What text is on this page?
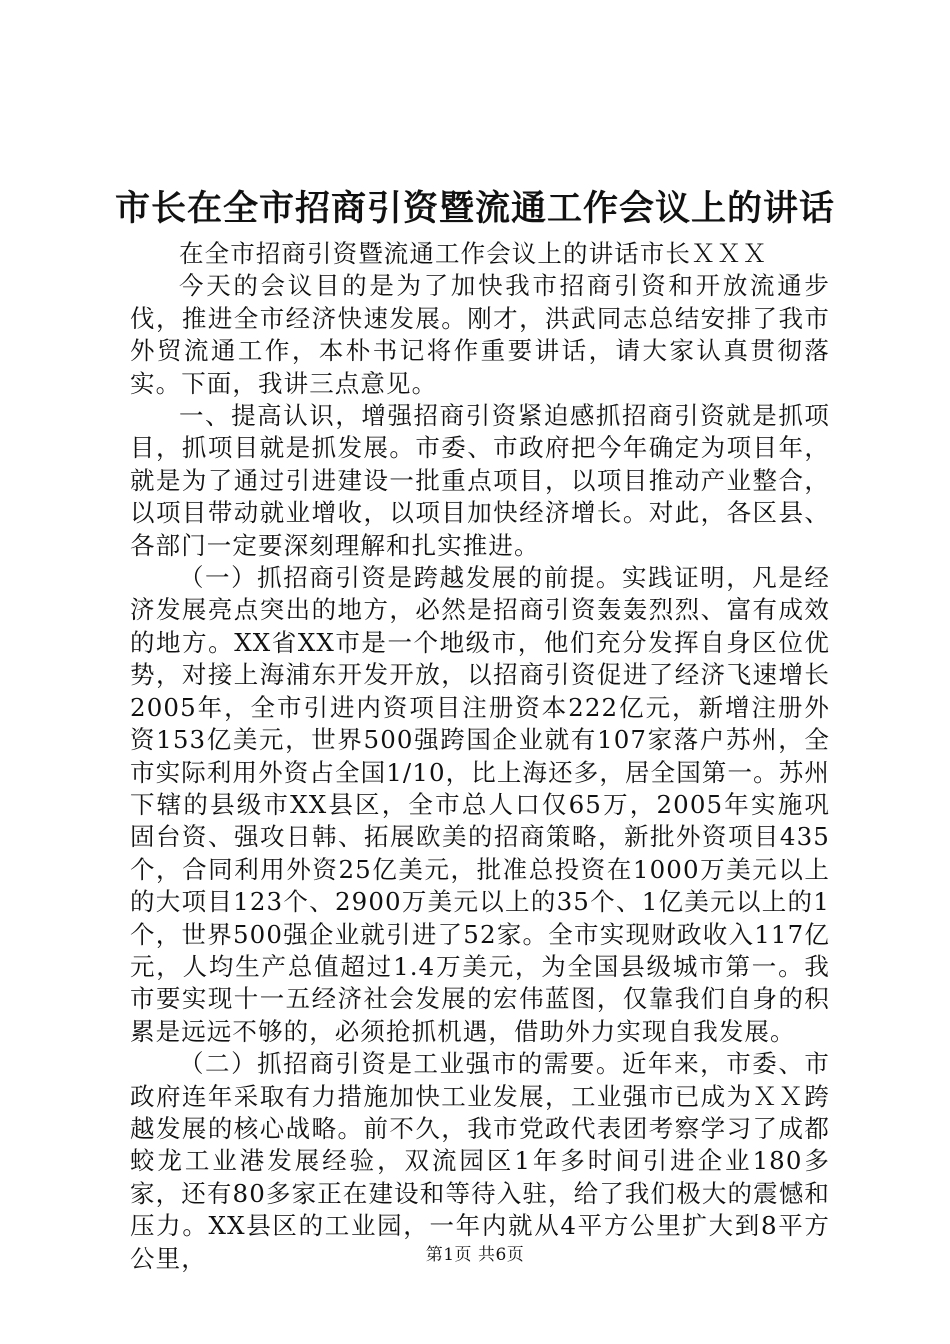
市长在全市招商引资暨流通工作会议上的讲话

在全市招商引资暨流通工作会议上的讲话市长ＸＸＸ

今天的会议目的是为了加快我市招商引资和开放流通步伐，推进全市经济快速发展。刚才，洪武同志总结安排了我市外贸流通工作，本朴书记将作重要讲话，请大家认真贯彻落实。下面，我讲三点意见。

一、提高认识，增强招商引资紧迫感抓招商引资就是抓项目，抓项目就是抓发展。市委、市政府把今年确定为项目年，就是为了通过引进建设一批重点项目，以项目推动产业整合，以项目带动就业增收，以项目加快经济增长。对此，各区县、各部门一定要深刻理解和扎实推进。

（一）抓招商引资是跨越发展的前提。实践证明，凡是经济发展亮点突出的地方，必然是招商引资轰轰烈烈、富有成效的地方。XX省XX市是一个地级市，他们充分发挥自身区位优势，对接上海浦东开发开放，以招商引资促进了经济飞速增长2005年，全市引进内资项目注册资本222亿元，新增注册外资153亿美元，世界500强跨国企业就有107家落户苏州，全市实际利用外资占全国1/10，比上海还多，居全国第一。苏州下辖的县级市XX县区，全市总人口仅65万，2005年实施巩固台资、强攻日韩、拓展欧美的招商策略，新批外资项目435个，合同利用外资25亿美元，批准总投资在1000万美元以上的大项目123个、2900万美元以上的35个、1亿美元以上的1个，世界500强企业就引进了52家。全市实现财政收入117亿元，人均生产总值超过1.4万美元，为全国县级城市第一。我市要实现十一五经济社会发展的宏伟蓝图，仅靠我们自身的积累是远远不够的，必须抢抓机遇，借助外力实现自我发展。

（二）抓招商引资是工业强市的需要。近年来，市委、市政府连年采取有力措施加快工业发展，工业强市已成为ＸＸ跨越发展的核心战略。前不久，我市党政代表团考察学习了成都蛟龙工业港发展经验，双流园区1年多时间引进企业180多家，还有80多家正在建设和等待入驻，给了我们极大的震憾和压力。XX县区的工业园，一年内就从4平方公里扩大到8平方公里，	第1页 共6页
